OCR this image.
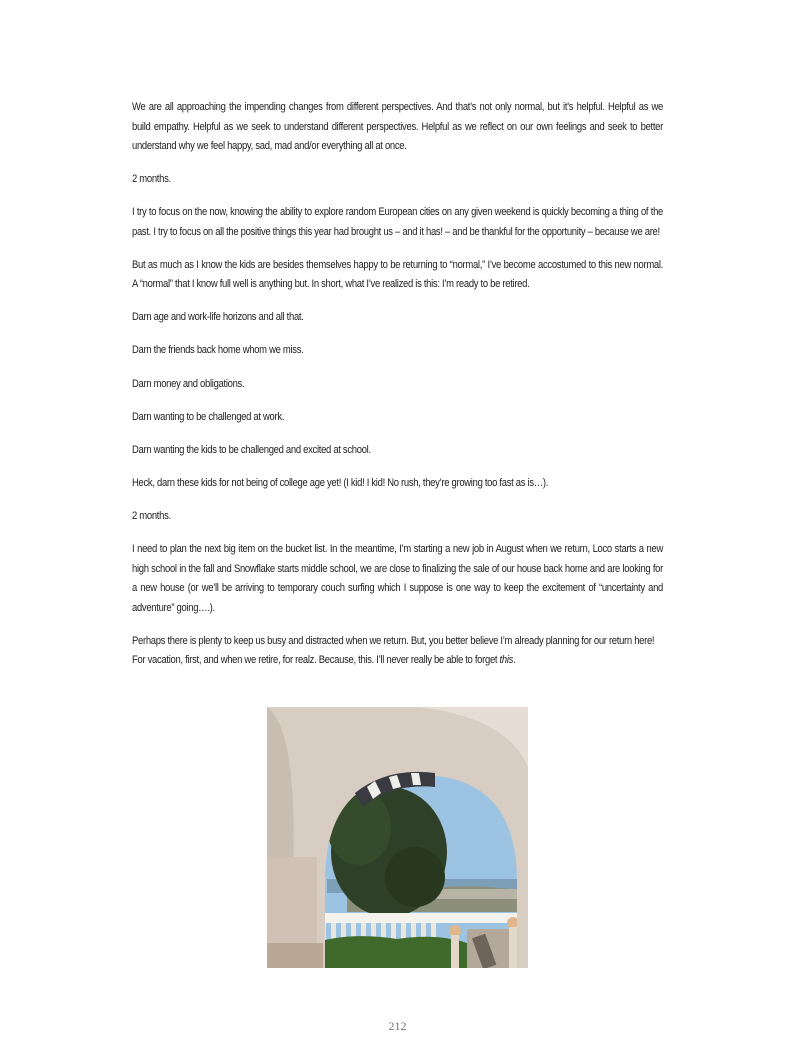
We are all approaching the impending changes from different perspectives. And that’s not only normal, but it’s helpful. Helpful as we build empathy. Helpful as we seek to understand different perspectives. Helpful as we reflect on our own feelings and seek to better understand why we feel happy, sad, mad and/or everything all at once.

2 months.

I try to focus on the now, knowing the ability to explore random European cities on any given weekend is quickly becoming a thing of the past. I try to focus on all the positive things this year had brought us – and it has! – and be thankful for the opportunity – because we are!

But as much as I know the kids are besides themselves happy to be returning to “normal,” I’ve become accostumed to this new normal. A “normal” that I know full well is anything but. In short, what I’ve realized is this: I’m ready to be retired.

Darn age and work-life horizons and all that.

Darn the friends back home whom we miss.

Darn money and obligations.

Darn wanting to be challenged at work.

Darn wanting the kids to be challenged and excited at school.

Heck, darn these kids for not being of college age yet! (I kid! I kid! No rush, they’re growing too fast as is…).

2 months.

I need to plan the next big item on the bucket list. In the meantime, I’m starting a new job in August when we return, Loco starts a new high school in the fall and Snowflake starts middle school, we are close to finalizing the sale of our house back home and are looking for a new house (or we’ll be arriving to temporary couch surfing which I suppose is one way to keep the excitement of “uncertainty and adventure” going….).

Perhaps there is plenty to keep us busy and distracted when we return. But, you better believe I’m already planning for our return here! For vacation, first, and when we retire, for realz. Because, this. I’ll never really be able to forget this.

212
